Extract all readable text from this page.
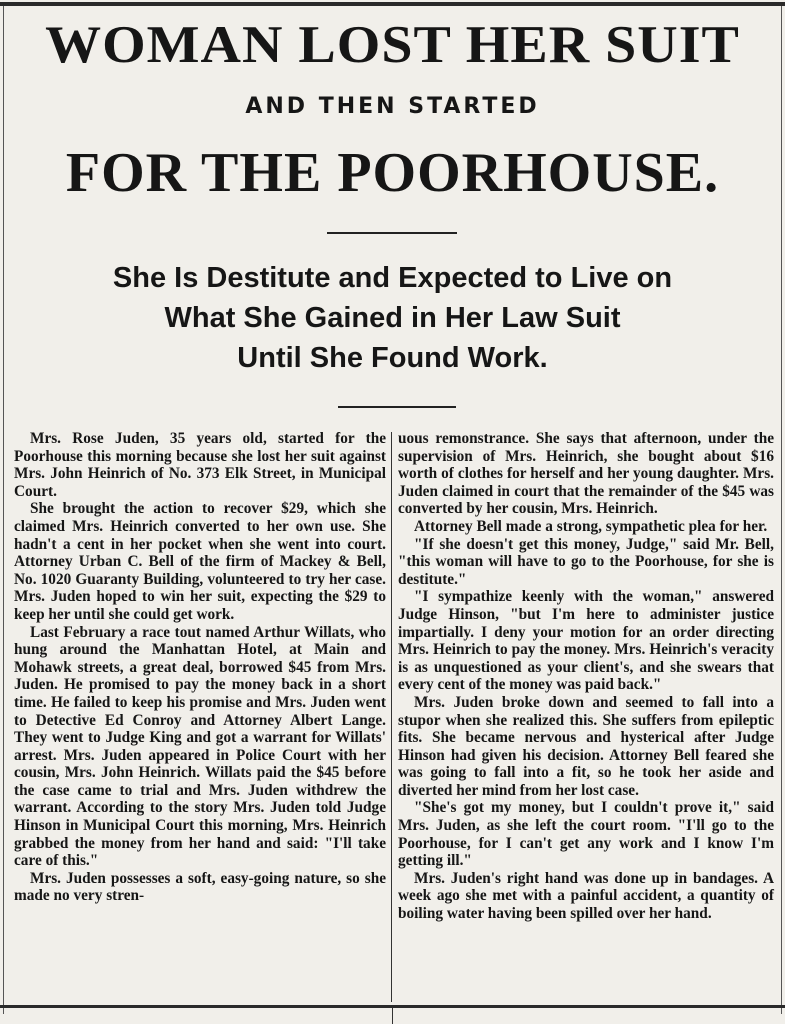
WOMAN LOST HER SUIT
AND THEN STARTED
FOR THE POORHOUSE.
She Is Destitute and Expected to Live on
What She Gained in Her Law Suit
Until She Found Work.

Mrs. Rose Juden, 35 years old, started for the Poorhouse this morning because she lost her suit against Mrs. John Heinrich of No. 373 Elk Street, in Municipal Court.

She brought the action to recover $29, which she claimed Mrs. Heinrich converted to her own use. She hadn't a cent in her pocket when she went into court. Attorney Urban C. Bell of the firm of Mackey & Bell, No. 1020 Guaranty Building, volunteered to try her case. Mrs. Juden hoped to win her suit, expecting the $29 to keep her until she could get work.

Last February a race tout named Arthur Willats, who hung around the Manhattan Hotel, at Main and Mohawk streets, a great deal, borrowed $45 from Mrs. Juden. He promised to pay the money back in a short time. He failed to keep his promise and Mrs. Juden went to Detective Ed Conroy and Attorney Albert Lange. They went to Judge King and got a warrant for Willats' arrest. Mrs. Juden appeared in Police Court with her cousin, Mrs. John Heinrich. Willats paid the $45 before the case came to trial and Mrs. Juden withdrew the warrant. According to the story Mrs. Juden told Judge Hinson in Municipal Court this morning, Mrs. Heinrich grabbed the money from her hand and said: "I'll take care of this."

Mrs. Juden possesses a soft, easy-going nature, so she made no very stren-

uous remonstrance. She says that afternoon, under the supervision of Mrs. Heinrich, she bought about $16 worth of clothes for herself and her young daughter. Mrs. Juden claimed in court that the remainder of the $45 was converted by her cousin, Mrs. Heinrich.

Attorney Bell made a strong, sympathetic plea for her.

"If she doesn't get this money, Judge," said Mr. Bell, "this woman will have to go to the Poorhouse, for she is destitute."

"I sympathize keenly with the woman," answered Judge Hinson, "but I'm here to administer justice impartially. I deny your motion for an order directing Mrs. Heinrich to pay the money. Mrs. Heinrich's veracity is as unquestioned as your client's, and she swears that every cent of the money was paid back."

Mrs. Juden broke down and seemed to fall into a stupor when she realized this. She suffers from epileptic fits. She became nervous and hysterical after Judge Hinson had given his decision. Attorney Bell feared she was going to fall into a fit, so he took her aside and diverted her mind from her lost case.

"She's got my money, but I couldn't prove it," said Mrs. Juden, as she left the court room. "I'll go to the Poorhouse, for I can't get any work and I know I'm getting ill."

Mrs. Juden's right hand was done up in bandages. A week ago she met with a painful accident, a quantity of boiling water having been spilled over her hand.
